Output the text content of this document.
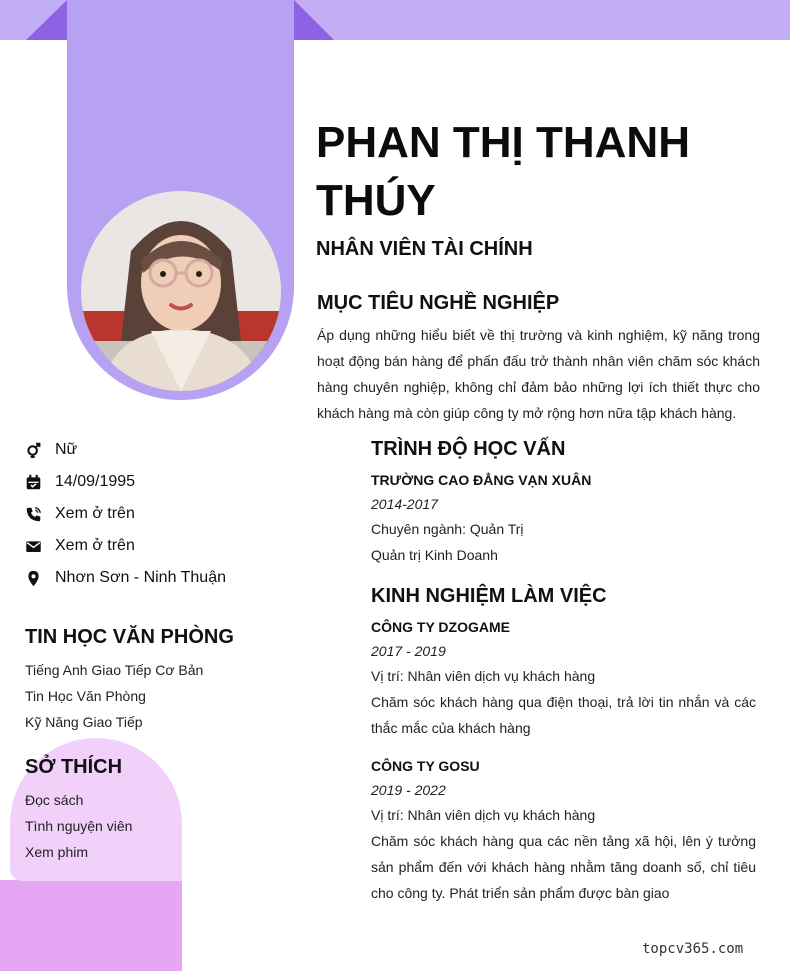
PHAN THỊ THANH THÚY
NHÂN VIÊN TÀI CHÍNH
MỤC TIÊU NGHỀ NGHIỆP
Áp dụng những hiểu biết về thị trường và kinh nghiệm, kỹ năng trong hoạt động bán hàng để phấn đấu trở thành nhân viên chăm sóc khách hàng chuyên nghiệp, không chỉ đảm bảo những lợi ích thiết thực cho khách hàng mà còn giúp công ty mở rộng hơn nữa tập khách hàng.
Nữ
14/09/1995
Xem ở trên
Xem ở trên
Nhơn Sơn - Ninh Thuận
TIN HỌC VĂN PHÒNG
Tiếng Anh Giao Tiếp Cơ Bản
Tin Học Văn Phòng
Kỹ Năng Giao Tiếp
SỞ THÍCH
Đọc sách
Tình nguyện viên
Xem phim
TRÌNH ĐỘ HỌC VẤN
TRƯỜNG CAO ĐẲNG VẠN XUÂN
2014-2017
Chuyên ngành: Quản Trị
Quản trị Kinh Doanh
KINH NGHIỆM LÀM VIỆC
CÔNG TY DZOGAME
2017 - 2019
Vị trí: Nhân viên dịch vụ khách hàng
Chăm sóc khách hàng qua điện thoại, trả lời tin nhắn và các thắc mắc của khách hàng
CÔNG TY GOSU
2019 - 2022
Vị trí: Nhân viên dịch vụ khách hàng
Chăm sóc khách hàng qua các nền tảng xã hội, lên ý tưởng sản phẩm đến với khách hàng nhằm tăng doanh số, chỉ tiêu cho công ty. Phát triển sản phẩm được bàn giao
topcv365.com
